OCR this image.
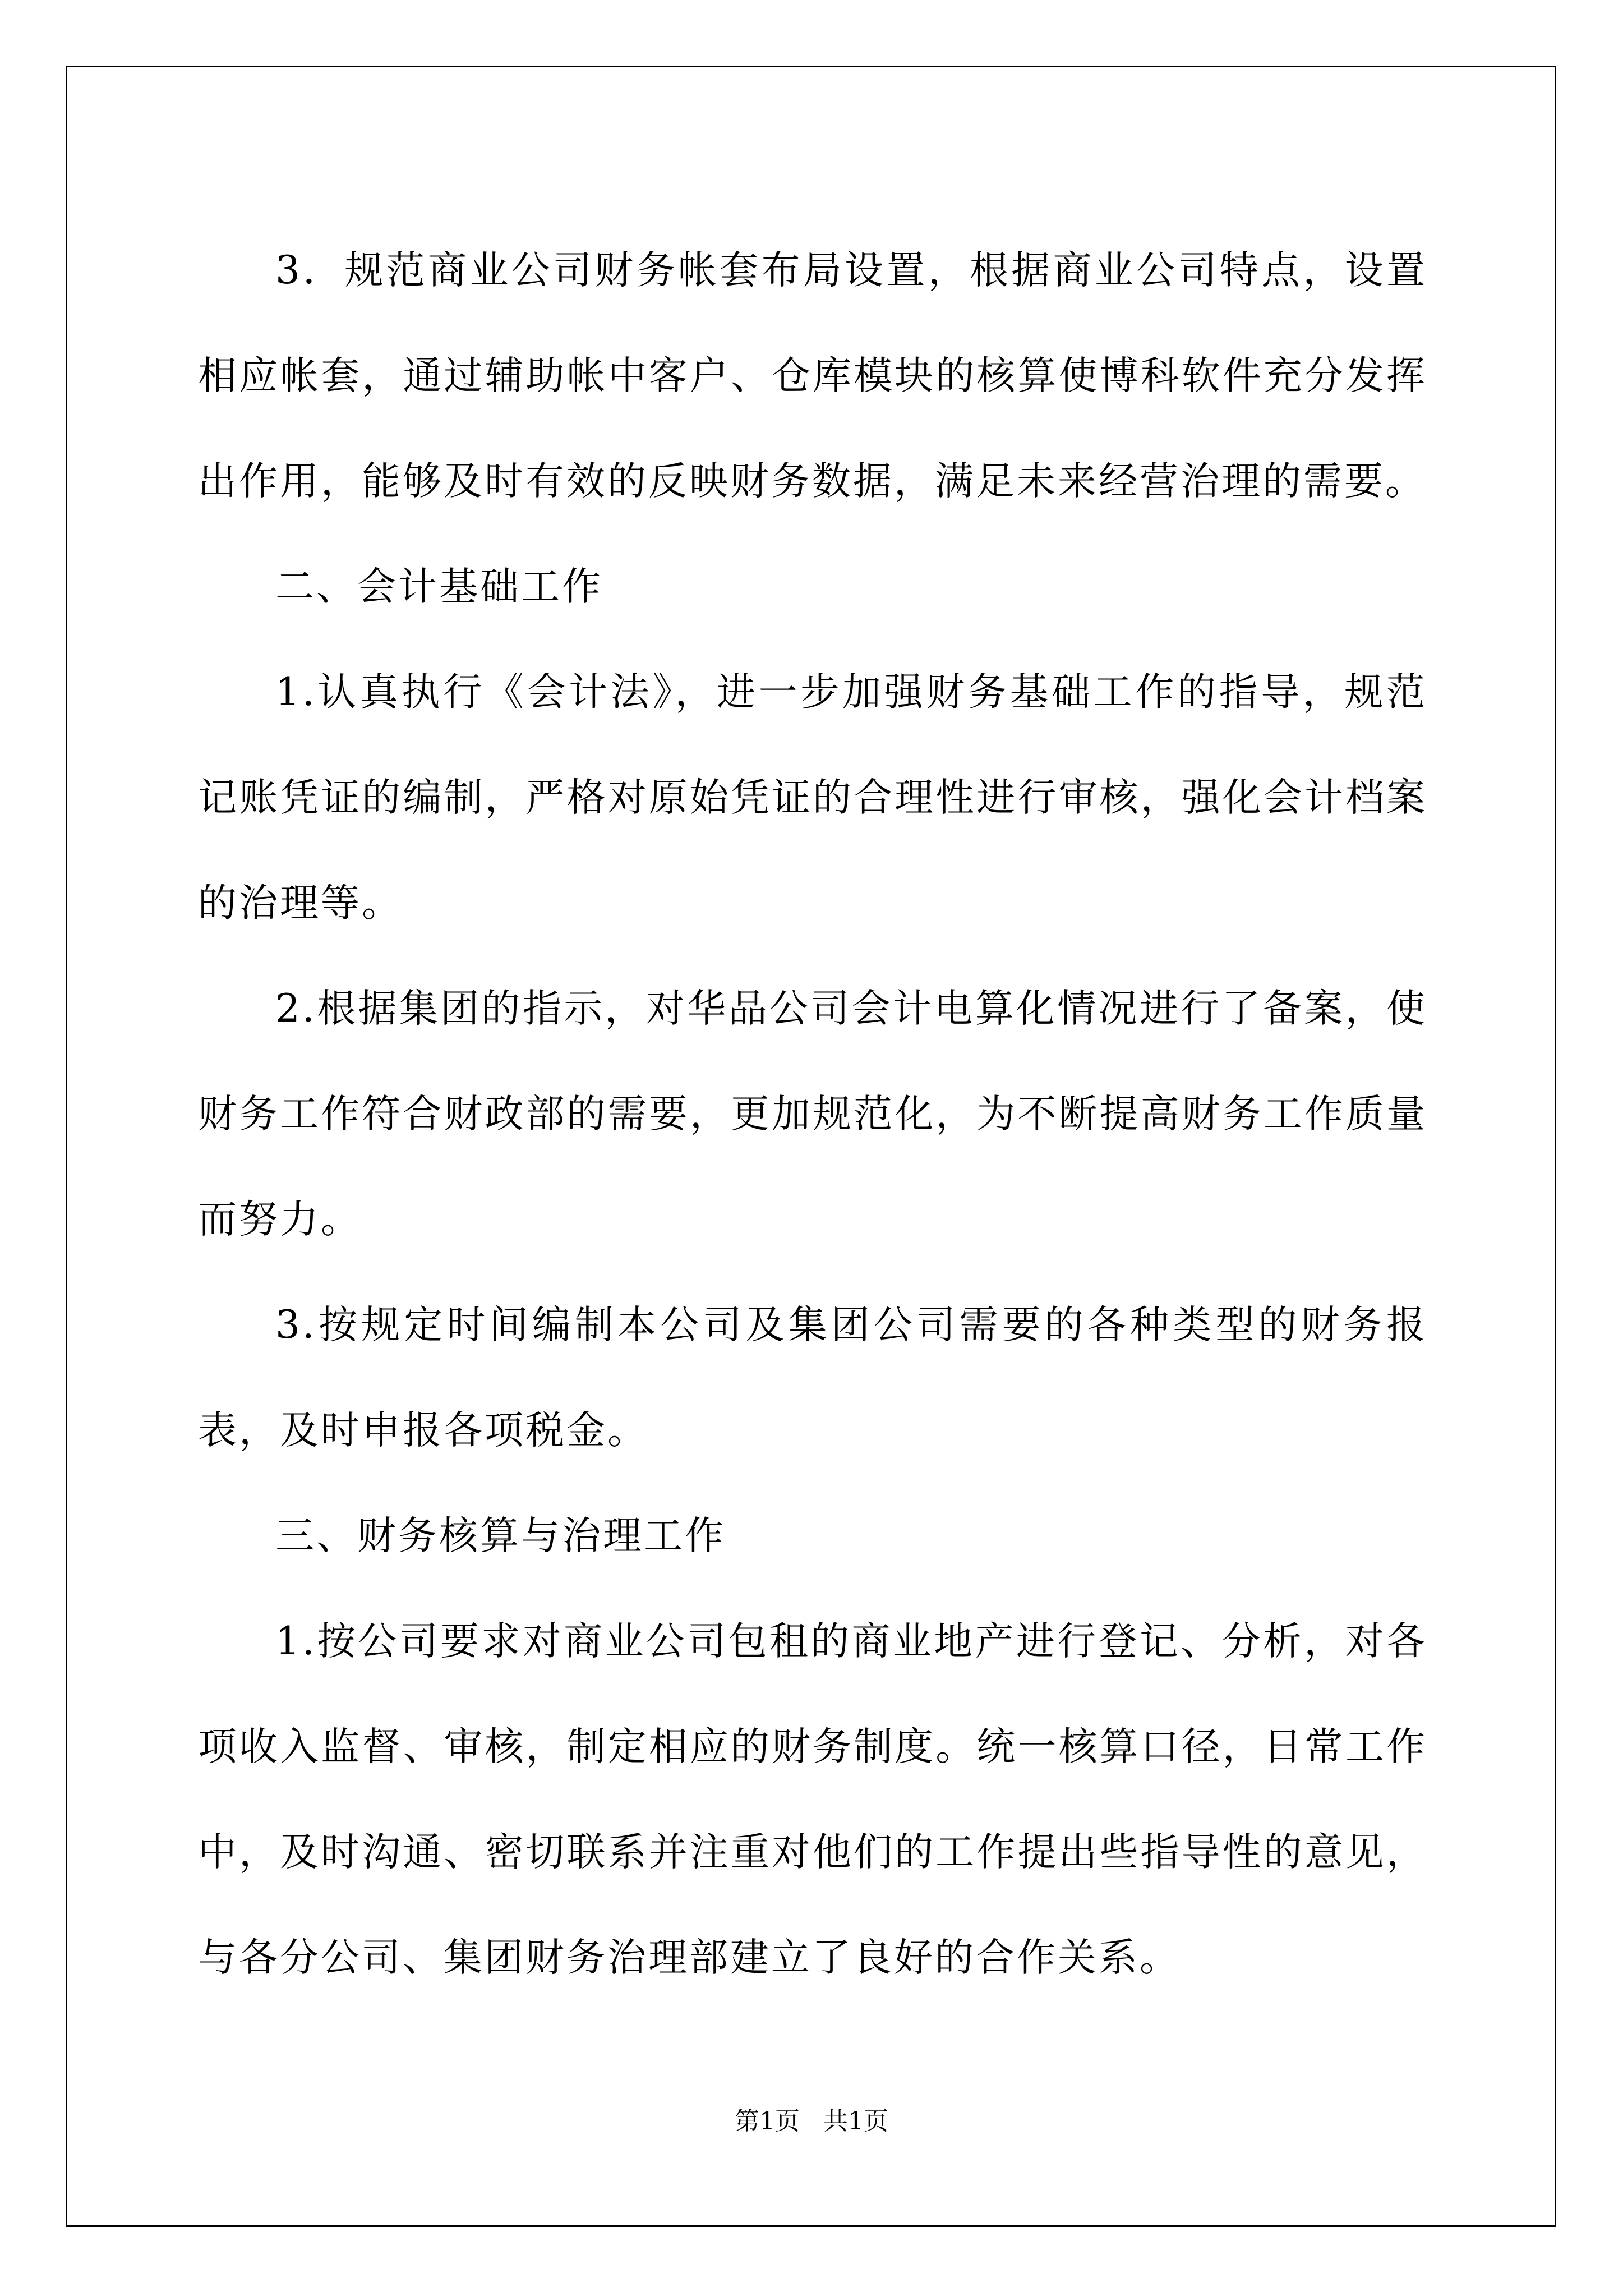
3．规范商业公司财务帐套布局设置，根据商业公司特点，设置相应帐套，通过辅助帐中客户、仓库模块的核算使博科软件充分发挥出作用，能够及时有效的反映财务数据，满足未来经营治理的需要。

二、会计基础工作

1.认真执行《会计法》，进一步加强财务基础工作的指导，规范记账凭证的编制，严格对原始凭证的合理性进行审核，强化会计档案的治理等。

2.根据集团的指示，对华品公司会计电算化情况进行了备案，使财务工作符合财政部的需要，更加规范化，为不断提高财务工作质量而努力。

3.按规定时间编制本公司及集团公司需要的各种类型的财务报表，及时申报各项税金。

三、财务核算与治理工作

1.按公司要求对商业公司包租的商业地产进行登记、分析，对各项收入监督、审核，制定相应的财务制度。统一核算口径，日常工作中，及时沟通、密切联系并注重对他们的工作提出些指导性的意见，与各分公司、集团财务治理部建立了良好的合作关系。

第1页 共1页
